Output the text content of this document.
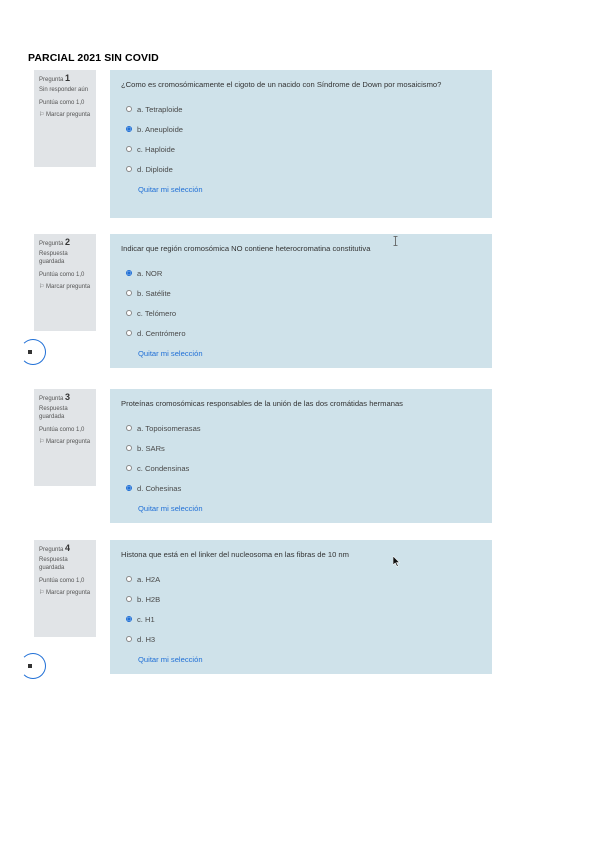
PARCIAL 2021 SIN COVID
Pregunta 1
Sin responder aún
Puntúa como 1,0
⚐ Marcar pregunta
¿Como es cromosómicamente el cigoto de un nacido con Síndrome de Down por mosaicismo?
a. Tetraploide
b. Aneuploide
c. Haploide
d. Diploide
Quitar mi selección
Pregunta 2
Respuesta guardada
Puntúa como 1,0
⚐ Marcar pregunta
Indicar que región cromosómica NO contiene heterocromatina constitutiva
a. NOR
b. Satélite
c. Telómero
d. Centrómero
Quitar mi selección
Pregunta 3
Respuesta guardada
Puntúa como 1,0
⚐ Marcar pregunta
Proteínas cromosómicas responsables de la unión de las dos cromátidas hermanas
a. Topoisomerasas
b. SARs
c. Condensinas
d. Cohesinas
Quitar mi selección
Pregunta 4
Respuesta guardada
Puntúa como 1,0
⚐ Marcar pregunta
Histona que está en el linker del nucleosoma en las fibras de 10 nm
a. H2A
b. H2B
c. H1
d. H3
Quitar mi selección
